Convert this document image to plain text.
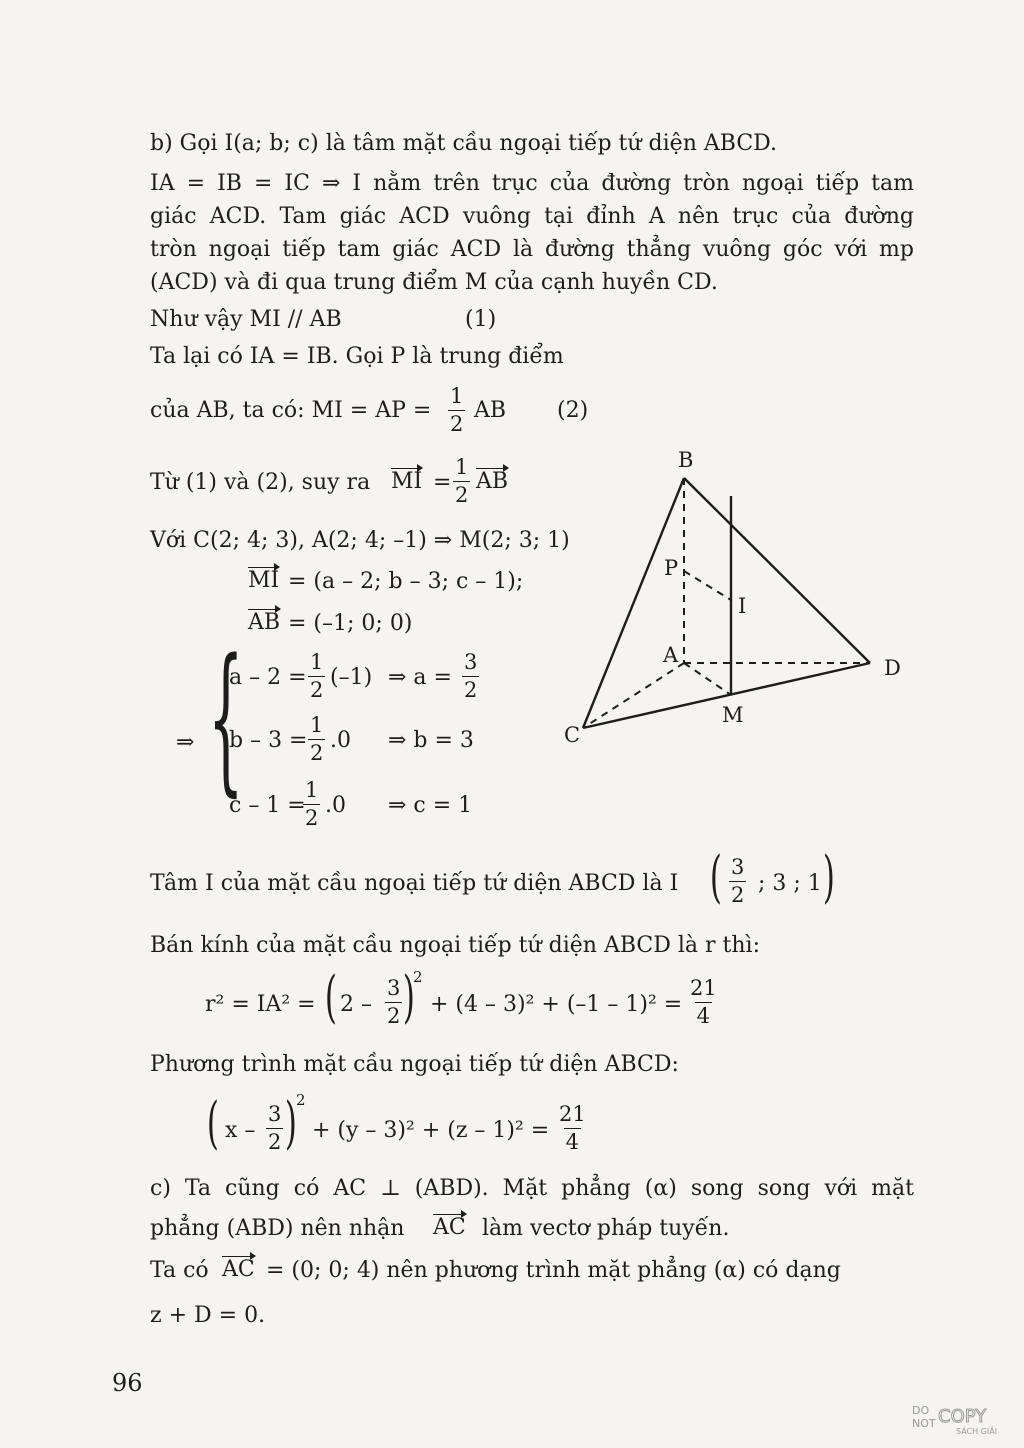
b) Gọi I(a; b; c) là tâm mặt cầu ngoại tiếp tứ diện ABCD.
IA = IB = IC ⇒ I nằm trên trục của đường tròn ngoại tiếp tam
giác ACD. Tam giác ACD vuông tại đỉnh A nên trục của đường
tròn ngoại tiếp tam giác ACD là đường thẳng vuông góc với mp
(ACD) và đi qua trung điểm M của cạnh huyền CD.
Như vậy MI // AB	(1)
Ta lại có IA = IB. Gọi P là trung điểm
của AB, ta có: MI = AP = $\frac{1}{2}$ AB (2)
Từ (1) và (2), suy ra MI = $\frac{1}{2}$ AB
Với C(2; 4; 3), A(2; 4; –1) ⇒ M(2; 3; 1)
MI = (a – 2; b – 3; c – 1);
AB = (–1; 0; 0)
⇒ {
$a - 2 = \frac{1}{2} (-1)$ ⇒ $a = \frac{3}{2}$
$b - 3 = \frac{1}{2} .0$ ⇒ b = 3
c – 1 =
$\frac{1}{2} .0$ ⇒ c = 1
B
P
I
A
D
C
M
Tâm I của mặt cầu ngoại tiếp tứ diện ABCD là I ( $\frac{3}{2}$ ; 3 ; 1 )
Bán kính của mặt cầu ngoại tiếp tứ diện ABCD là r thì:
r² = IA² = ( $2 - \frac{3}{2}$ )
2
+ $(4 - 3)^2 + (-1 - 1)^2 = \frac{21}{4}$
Phương trình mặt cầu ngoại tiếp tứ diện ABCD:
( x – $\frac{3}{2}$ ) 2
+ $(y - 3)^2 + (z - 1)^2 = \frac{21}{4}$
c) Ta cũng có AC ⊥ (ABD). Mặt phẳng (α) song song với mặt
phẳng (ABD) nên nhận AC làm vectơ pháp tuyến.
Ta có AC = (0; 0; 4) nên phương trình mặt phẳng (α) có dạng
z + D = 0.
96
DO
NOT COPY
SÁCH GIẢI
